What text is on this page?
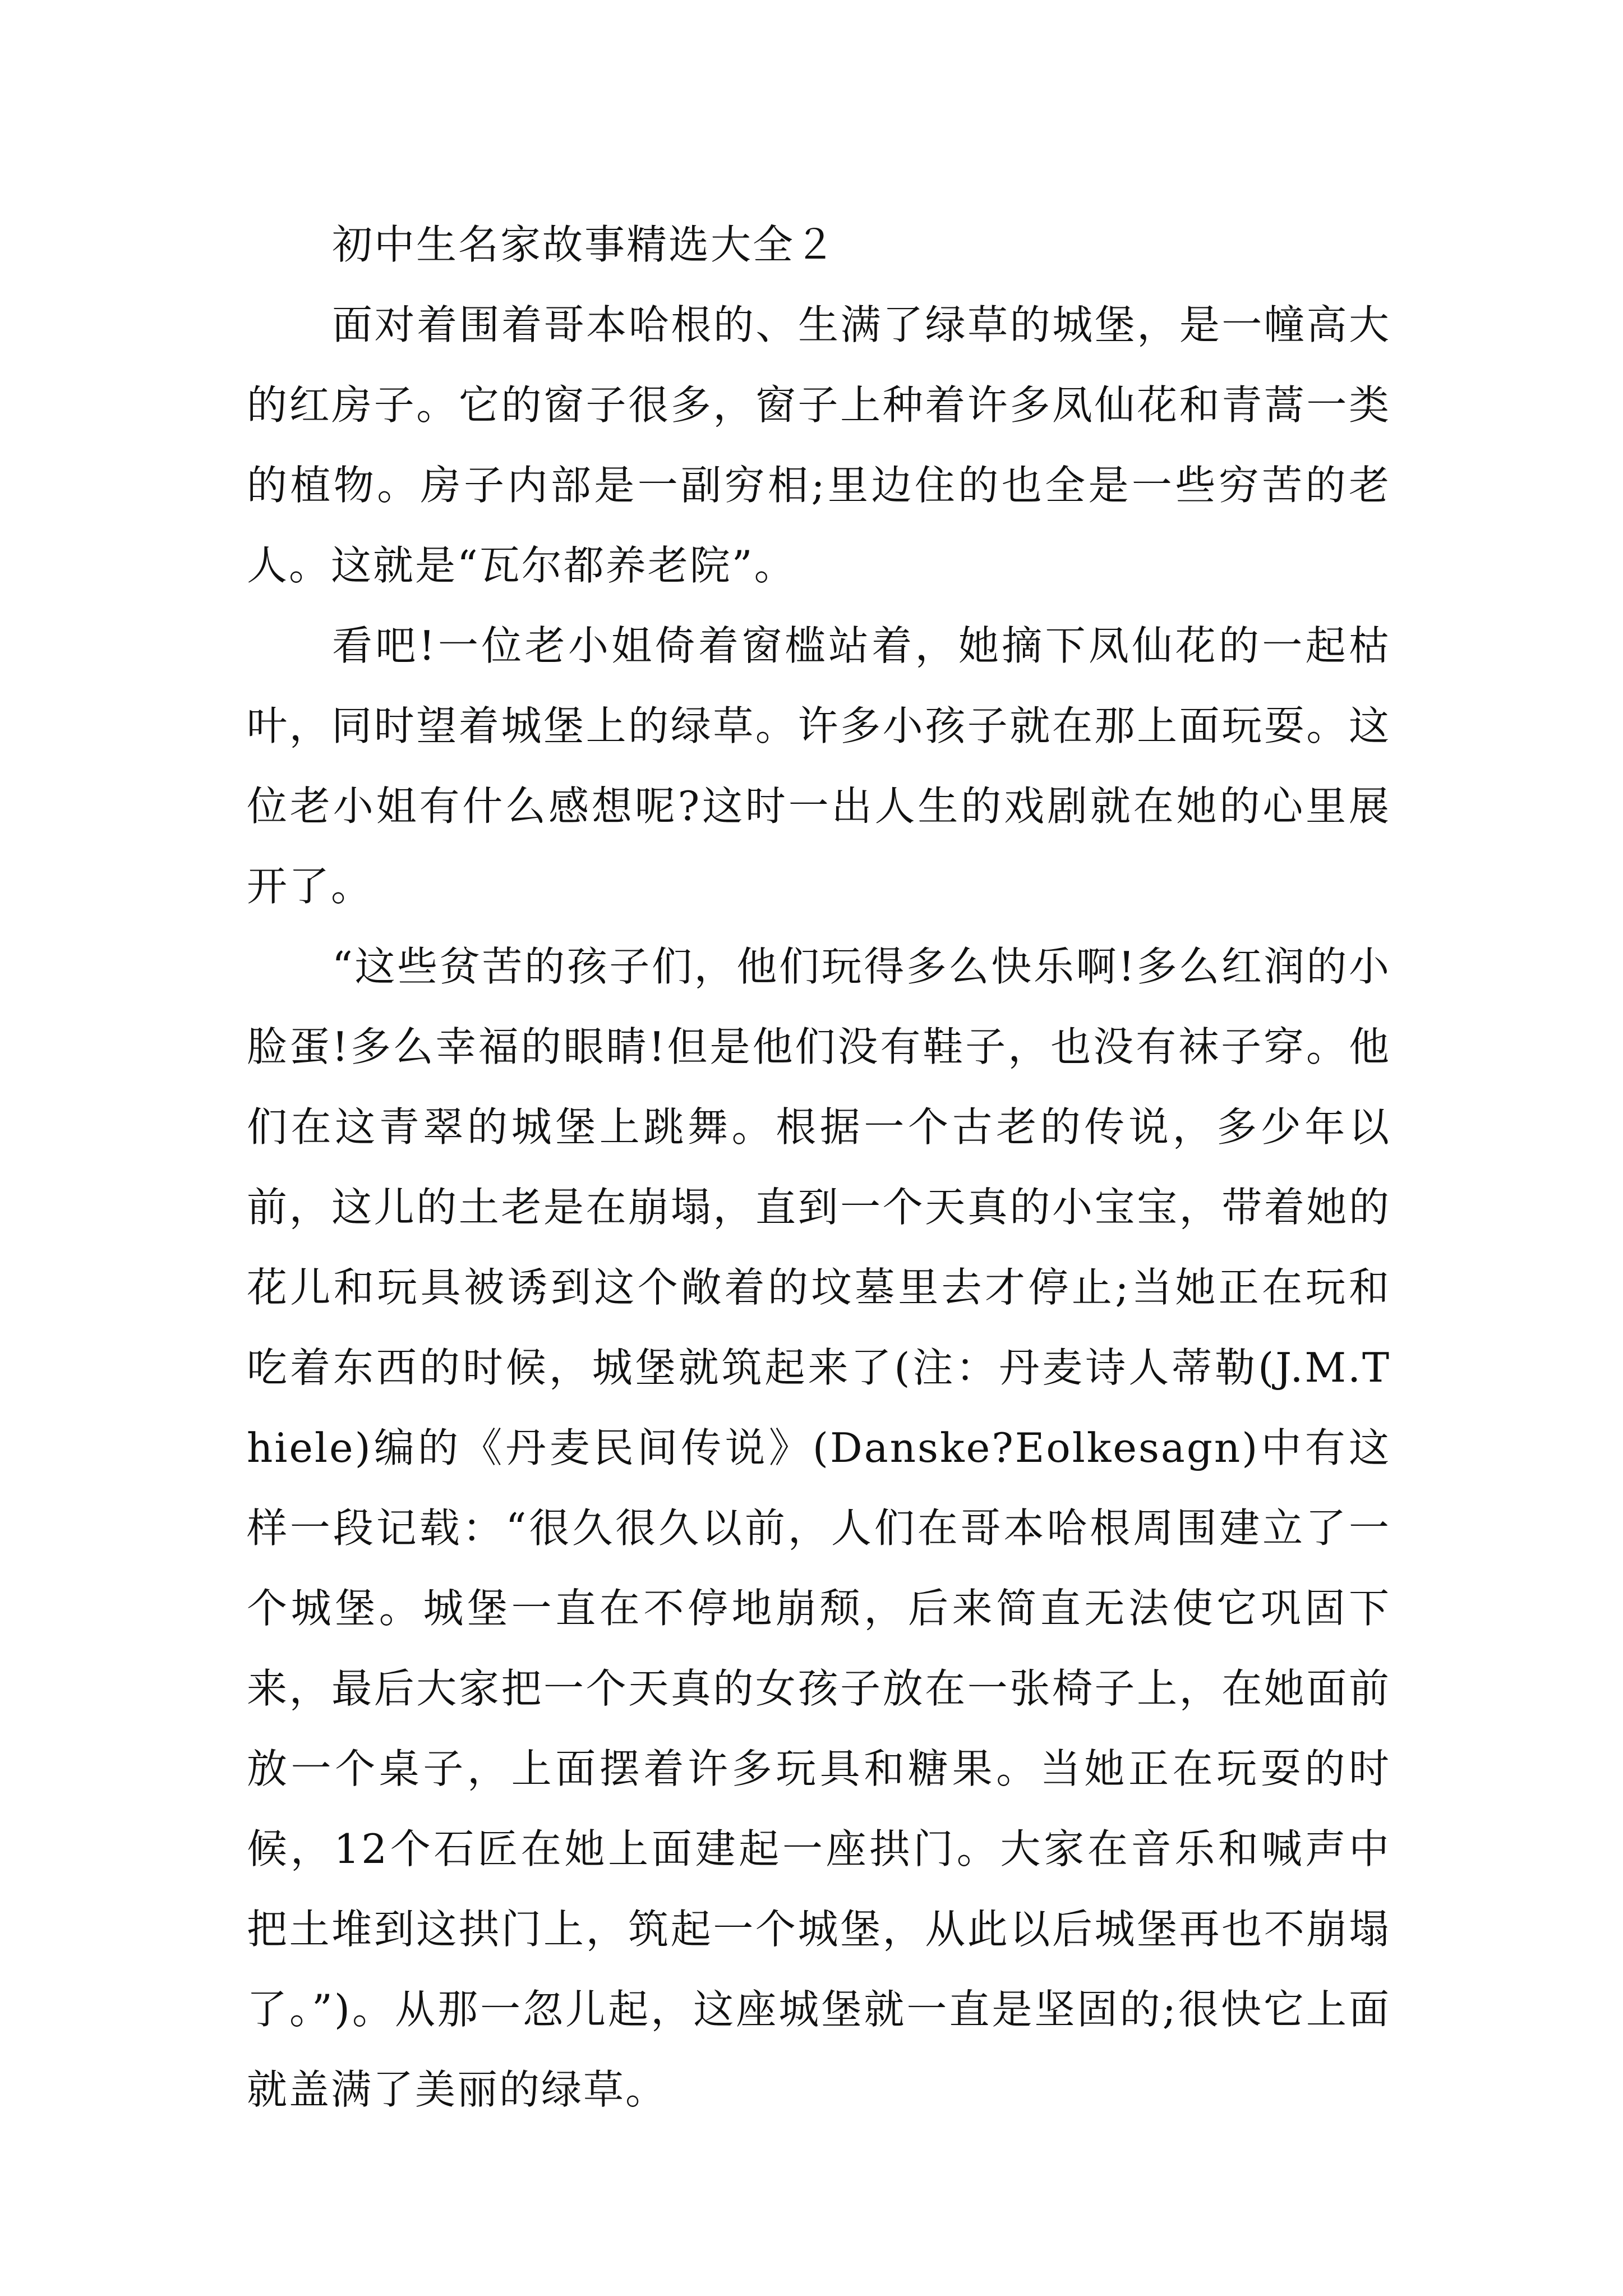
初中生名家故事精选大全２

面对着围着哥本哈根的、生满了绿草的城堡，是一幢高大的红房子。它的窗子很多，窗子上种着许多凤仙花和青蒿一类的植物。房子内部是一副穷相;里边住的也全是一些穷苦的老人。这就是“瓦尔都养老院”。

看吧!一位老小姐倚着窗槛站着，她摘下凤仙花的一起枯叶，同时望着城堡上的绿草。许多小孩子就在那上面玩耍。这位老小姐有什么感想呢?这时一出人生的戏剧就在她的心里展开了。

“这些贫苦的孩子们，他们玩得多么快乐啊!多么红润的小脸蛋!多么幸福的眼睛!但是他们没有鞋子，也没有袜子穿。他们在这青翠的城堡上跳舞。根据一个古老的传说，多少年以前，这儿的土老是在崩塌，直到一个天真的小宝宝，带着她的花儿和玩具被诱到这个敞着的坟墓里去才停止;当她正在玩和吃着东西的时候，城堡就筑起来了(注：丹麦诗人蒂勒(J.M.Thiele)编的《丹麦民间传说》(Danske?Eolkesagn)中有这样一段记载：“很久很久以前，人们在哥本哈根周围建立了一个城堡。城堡一直在不停地崩颓，后来简直无法使它巩固下来，最后大家把一个天真的女孩子放在一张椅子上，在她面前放一个桌子，上面摆着许多玩具和糖果。当她正在玩耍的时候，12个石匠在她上面建起一座拱门。大家在音乐和喊声中把土堆到这拱门上，筑起一个城堡，从此以后城堡再也不崩塌了。”)。从那一忽儿起，这座城堡就一直是坚固的;很快它上面就盖满了美丽的绿草。
